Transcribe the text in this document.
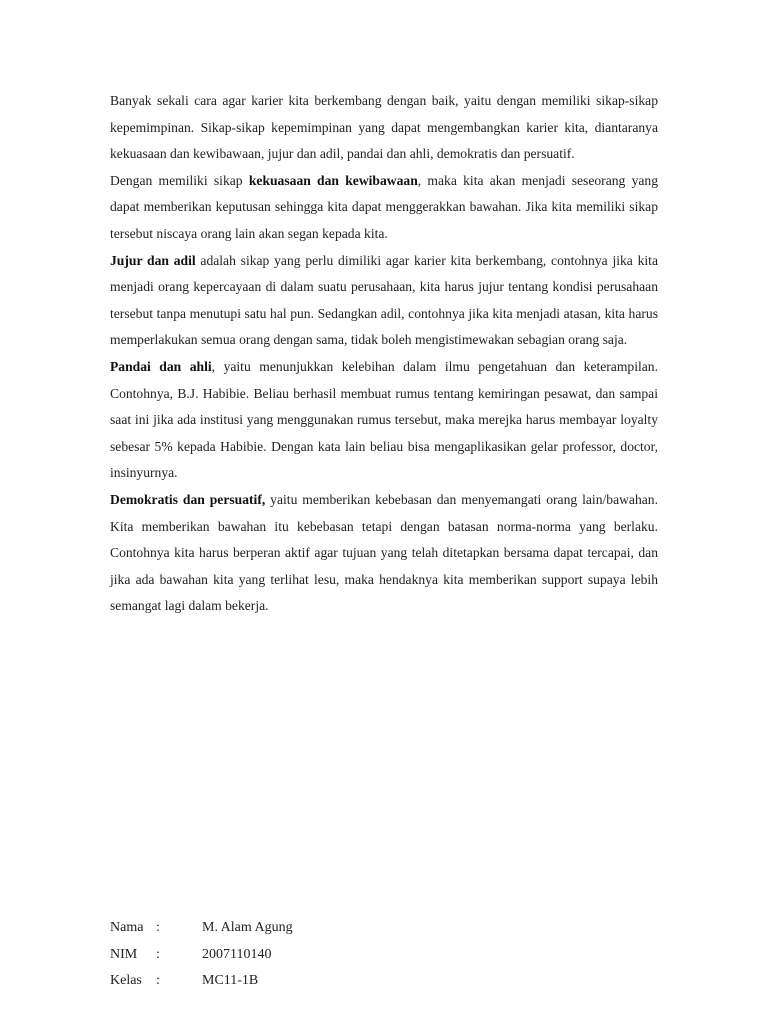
Banyak sekali cara agar karier kita berkembang dengan baik, yaitu dengan memiliki sikap-sikap kepemimpinan. Sikap-sikap kepemimpinan yang dapat mengembangkan karier kita, diantaranya kekuasaan dan kewibawaan, jujur dan adil, pandai dan ahli, demokratis dan persuatif.

Dengan memiliki sikap kekuasaan dan kewibawaan, maka kita akan menjadi seseorang yang dapat memberikan keputusan sehingga kita dapat menggerakkan bawahan. Jika kita memiliki sikap tersebut niscaya orang lain akan segan kepada kita.

Jujur dan adil adalah sikap yang perlu dimiliki agar karier kita berkembang, contohnya jika kita menjadi orang kepercayaan di dalam suatu perusahaan, kita harus jujur tentang kondisi perusahaan tersebut tanpa menutupi satu hal pun. Sedangkan adil, contohnya jika kita menjadi atasan, kita harus memperlakukan semua orang dengan sama, tidak boleh mengistimewakan sebagian orang saja.

Pandai dan ahli, yaitu menunjukkan kelebihan dalam ilmu pengetahuan dan keterampilan. Contohnya, B.J. Habibie. Beliau berhasil membuat rumus tentang kemiringan pesawat, dan sampai saat ini jika ada institusi yang menggunakan rumus tersebut, maka merejka harus membayar loyalty sebesar 5% kepada Habibie. Dengan kata lain beliau bisa mengaplikasikan gelar professor, doctor, insinyurnya.

Demokratis dan persuatif, yaitu memberikan kebebasan dan menyemangati orang lain/bawahan. Kita memberikan bawahan itu kebebasan tetapi dengan batasan norma-norma yang berlaku. Contohnya kita harus berperan aktif agar tujuan yang telah ditetapkan bersama dapat tercapai, dan jika ada bawahan kita yang terlihat lesu, maka hendaknya kita memberikan support supaya lebih semangat lagi dalam bekerja.

Nama :	M. Alam Agung
NIM	:	2007110140
Kelas	:	MC11-1B
